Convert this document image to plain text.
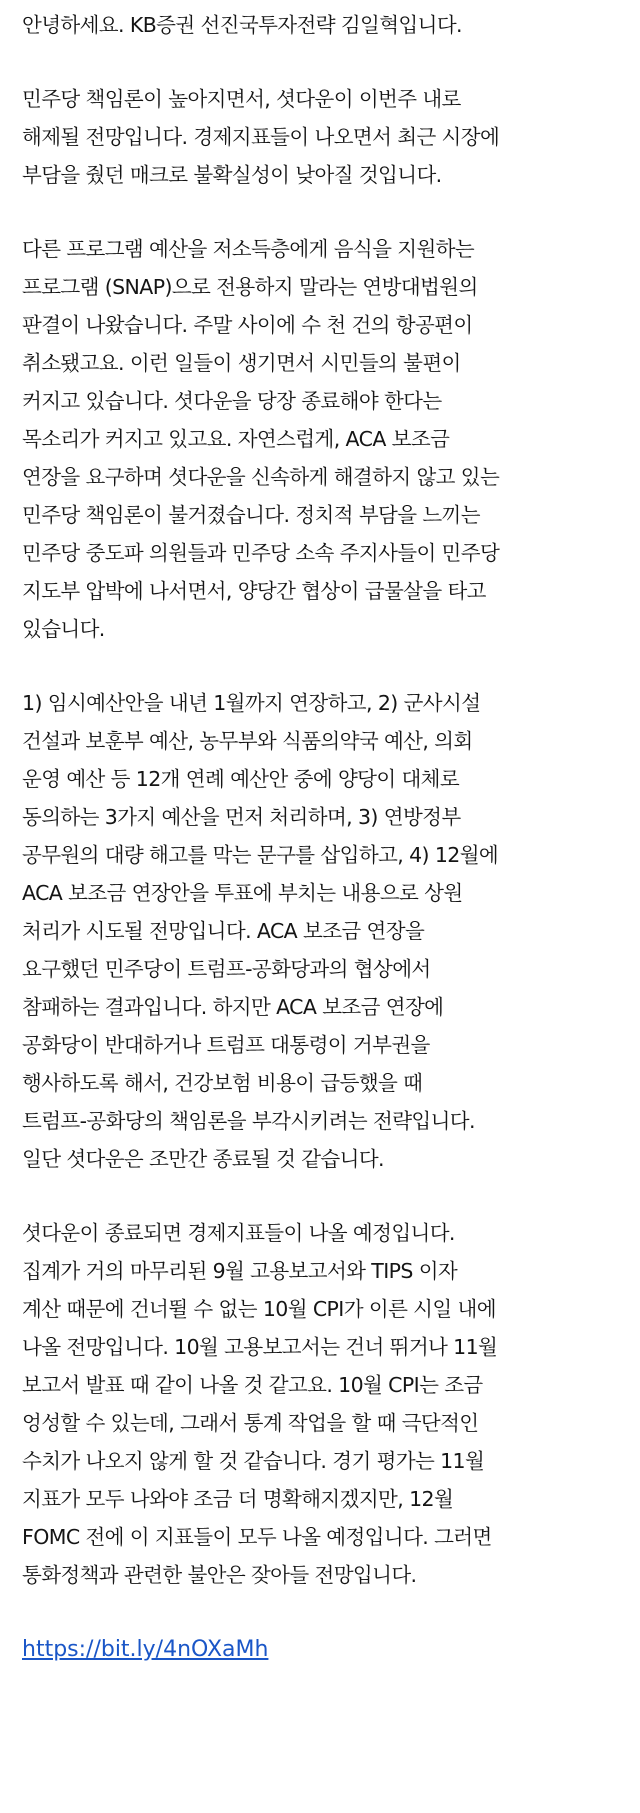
안녕하세요. KB증권 선진국투자전략 김일혁입니다.
민주당 책임론이 높아지면서, 셧다운이 이번주 내로
해제될 전망입니다. 경제지표들이 나오면서 최근 시장에
부담을 줬던 매크로 불확실성이 낮아질 것입니다.
다른 프로그램 예산을 저소득층에게 음식을 지원하는
프로그램 (SNAP)으로 전용하지 말라는 연방대법원의
판결이 나왔습니다. 주말 사이에 수 천 건의 항공편이
취소됐고요. 이런 일들이 생기면서 시민들의 불편이
커지고 있습니다. 셧다운을 당장 종료해야 한다는
목소리가 커지고 있고요. 자연스럽게, ACA 보조금
연장을 요구하며 셧다운을 신속하게 해결하지 않고 있는
민주당 책임론이 불거졌습니다. 정치적 부담을 느끼는
민주당 중도파 의원들과 민주당 소속 주지사들이 민주당
지도부 압박에 나서면서, 양당간 협상이 급물살을 타고
있습니다.
1) 임시예산안을 내년 1월까지 연장하고, 2) 군사시설
건설과 보훈부 예산, 농무부와 식품의약국 예산, 의회
운영 예산 등 12개 연례 예산안 중에 양당이 대체로
동의하는 3가지 예산을 먼저 처리하며, 3) 연방정부
공무원의 대량 해고를 막는 문구를 삽입하고, 4) 12월에
ACA 보조금 연장안을 투표에 부치는 내용으로 상원
처리가 시도될 전망입니다. ACA 보조금 연장을
요구했던 민주당이 트럼프-공화당과의 협상에서
참패하는 결과입니다. 하지만 ACA 보조금 연장에
공화당이 반대하거나 트럼프 대통령이 거부권을
행사하도록 해서, 건강보험 비용이 급등했을 때
트럼프-공화당의 책임론을 부각시키려는 전략입니다.
일단 셧다운은 조만간 종료될 것 같습니다.
셧다운이 종료되면 경제지표들이 나올 예정입니다.
집계가 거의 마무리된 9월 고용보고서와 TIPS 이자
계산 때문에 건너뛸 수 없는 10월 CPI가 이른 시일 내에
나올 전망입니다. 10월 고용보고서는 건너 뛰거나 11월
보고서 발표 때 같이 나올 것 같고요. 10월 CPI는 조금
엉성할 수 있는데, 그래서 통계 작업을 할 때 극단적인
수치가 나오지 않게 할 것 같습니다. 경기 평가는 11월
지표가 모두 나와야 조금 더 명확해지겠지만, 12월
FOMC 전에 이 지표들이 모두 나올 예정입니다. 그러면
통화정책과 관련한 불안은 잦아들 전망입니다.
https://bit.ly/4nOXaMh
